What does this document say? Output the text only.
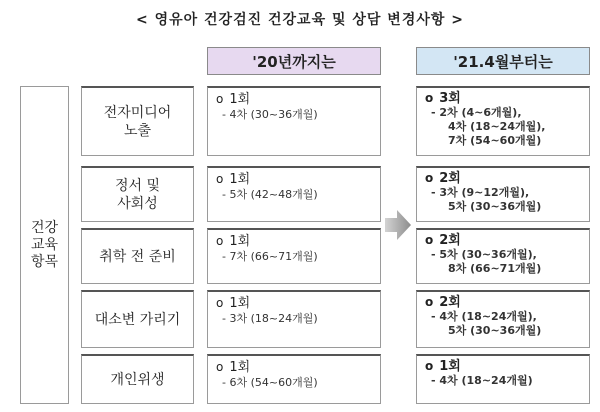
< 영유아 건강검진 건강교육 및 상담 변경사항 >
'20년까지는	'21.4월부터는
건강
교육
항목
전자미디어
노출
o 1회
- 4차 (30~36개월)
o 3회
- 2차 (4~6개월),
4차 (18~24개월),
7차 (54~60개월)
정서 및
사회성
o 1회
- 5차 (42~48개월)
o 2회
- 3차 (9~12개월),
5차 (30~36개월)
취학 전 준비
o 1회
- 7차 (66~71개월)
o 2회
- 5차 (30~36개월),
8차 (66~71개월)
대소변 가리기
o 1회
- 3차 (18~24개월)
o 2회
- 4차 (18~24개월),
5차 (30~36개월)
개인위생
o 1회
- 6차 (54~60개월)
o 1회
- 4차 (18~24개월)
